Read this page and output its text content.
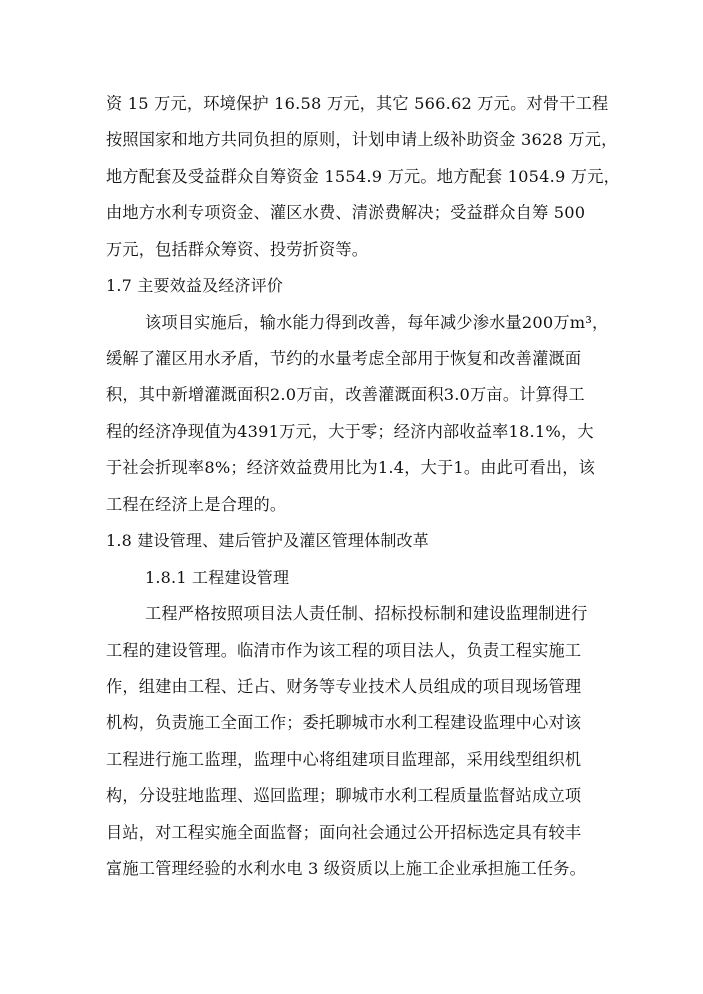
资 15 万元，环境保护 16.58 万元，其它 566.62 万元。对骨干工程
按照国家和地方共同负担的原则，计划申请上级补助资金 3628 万元，
地方配套及受益群众自筹资金 1554.9 万元。地方配套 1054.9 万元，
由地方水利专项资金、灌区水费、清淤费解决；受益群众自筹 500
万元，包括群众筹资、投劳折资等。
1.7 主要效益及经济评价
该项目实施后，输水能力得到改善，每年减少渗水量200万m³，
缓解了灌区用水矛盾，节约的水量考虑全部用于恢复和改善灌溉面
积，其中新增灌溉面积2.0万亩，改善灌溉面积3.0万亩。计算得工
程的经济净现值为4391万元，大于零；经济内部收益率18.1%，大
于社会折现率8%；经济效益费用比为1.4，大于1。由此可看出，该
工程在经济上是合理的。
1.8 建设管理、建后管护及灌区管理体制改革
1.8.1 工程建设管理
工程严格按照项目法人责任制、招标投标制和建设监理制进行
工程的建设管理。临清市作为该工程的项目法人，负责工程实施工
作，组建由工程、迁占、财务等专业技术人员组成的项目现场管理
机构，负责施工全面工作；委托聊城市水利工程建设监理中心对该
工程进行施工监理，监理中心将组建项目监理部，采用线型组织机
构，分设驻地监理、巡回监理；聊城市水利工程质量监督站成立项
目站，对工程实施全面监督；面向社会通过公开招标选定具有较丰
富施工管理经验的水利水电 3 级资质以上施工企业承担施工任务。
